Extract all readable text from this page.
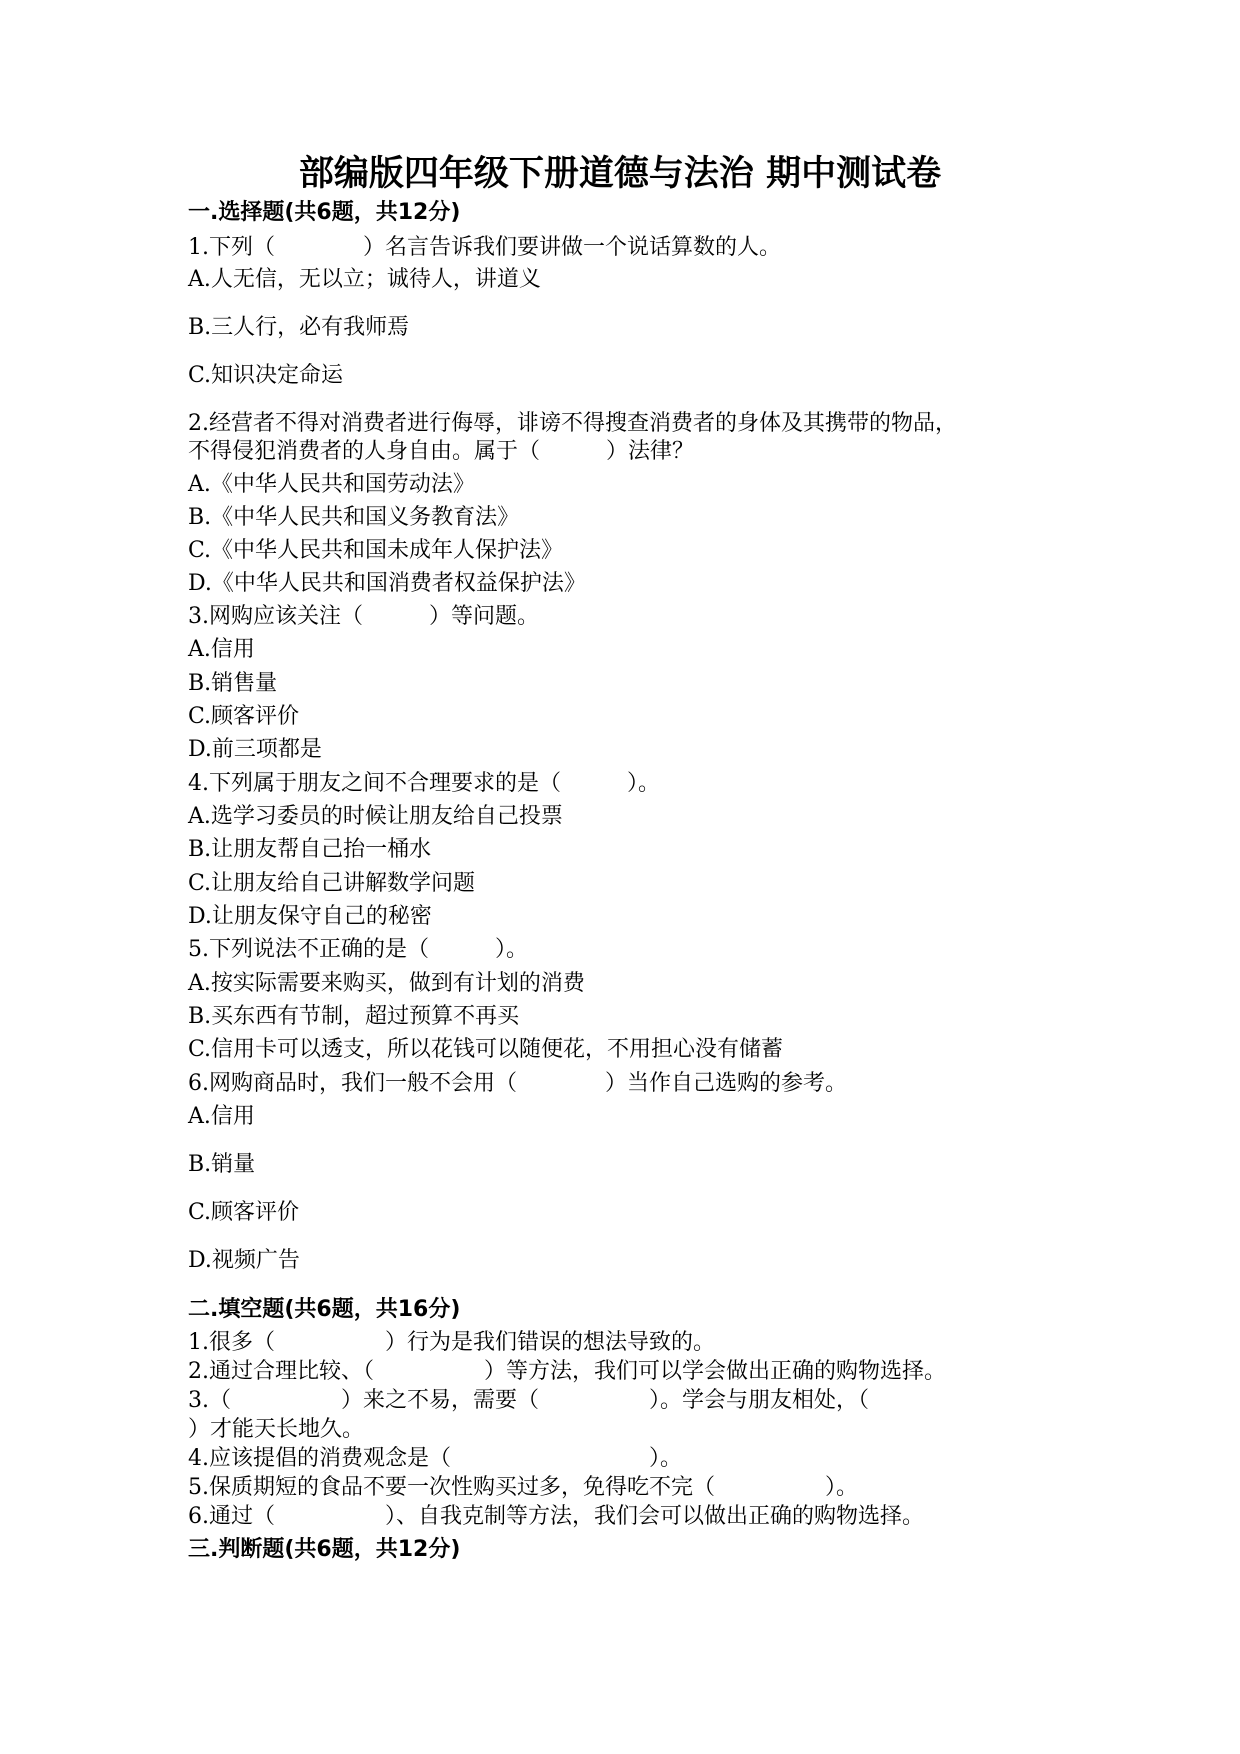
部编版四年级下册道德与法治 期中测试卷
一.选择题(共6题，共12分)
1.下列（　　　　）名言告诉我们要讲做一个说话算数的人。
A.人无信，无以立；诚待人，讲道义
B.三人行，必有我师焉
C.知识决定命运
2.经营者不得对消费者进行侮辱，诽谤不得搜查消费者的身体及其携带的物品，
不得侵犯消费者的人身自由。属于（　　　）法律？
A.《中华人民共和国劳动法》
B.《中华人民共和国义务教育法》
C.《中华人民共和国未成年人保护法》
D.《中华人民共和国消费者权益保护法》
3.网购应该关注（　　　）等问题。
A.信用
B.销售量
C.顾客评价
D.前三项都是
4.下列属于朋友之间不合理要求的是（　　　）。
A.选学习委员的时候让朋友给自己投票
B.让朋友帮自己抬一桶水
C.让朋友给自己讲解数学问题
D.让朋友保守自己的秘密
5.下列说法不正确的是（　　　）。
A.按实际需要来购买，做到有计划的消费
B.买东西有节制，超过预算不再买
C.信用卡可以透支，所以花钱可以随便花，不用担心没有储蓄
6.网购商品时，我们一般不会用（　　　　）当作自己选购的参考。
A.信用
B.销量
C.顾客评价
D.视频广告
二.填空题(共6题，共16分)
1.很多（　　　　　）行为是我们错误的想法导致的。
2.通过合理比较、（　　　　　）等方法，我们可以学会做出正确的购物选择。
3.（　　　　　）来之不易，需要（　　　　　）。学会与朋友相处，（
）才能天长地久。
4.应该提倡的消费观念是（　　　　　　　　　）。
5.保质期短的食品不要一次性购买过多，免得吃不完（　　　　　）。
6.通过（　　　　　）、自我克制等方法，我们会可以做出正确的购物选择。
三.判断题(共6题，共12分)
